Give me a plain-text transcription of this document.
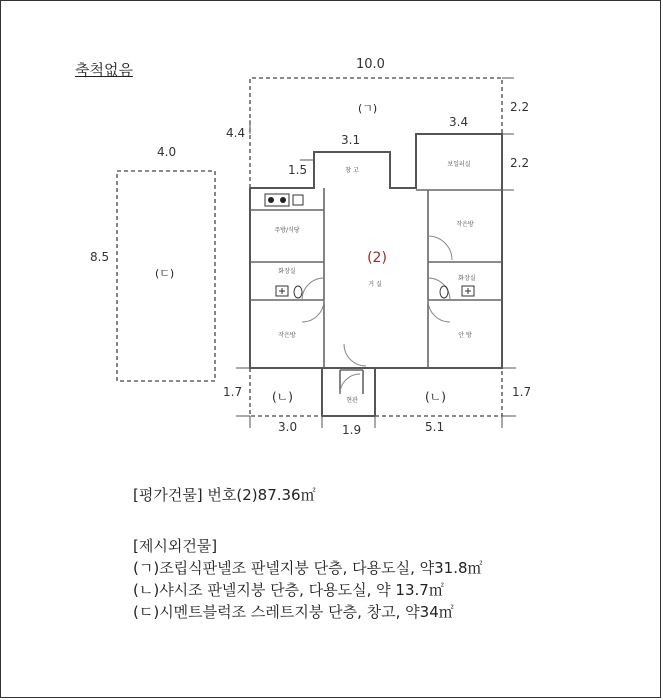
(2)
창 고
보일러실
주방/식당
거 실
화장실
화장실
작은방
작은방
안 방
현관
축척없음	10.0
4.4	3.1
1.5
3.4
2.2
2.2
4.0
8.5
1.7	1.7
3.0	1.9	5.1
(ㄱ)
(ㄴ)	(ㄴ)
(ㄷ)
[평가건물] 번호(2)87.36㎡
[제시외건물]
(ㄱ)조립식판넬조 판넬지붕 단층, 다용도실, 약31.8㎡
(ㄴ)샤시조 판넬지붕 단층, 다용도실, 약 13.7㎡
(ㄷ)시멘트블럭조 스레트지붕 단층, 창고, 약34㎡
